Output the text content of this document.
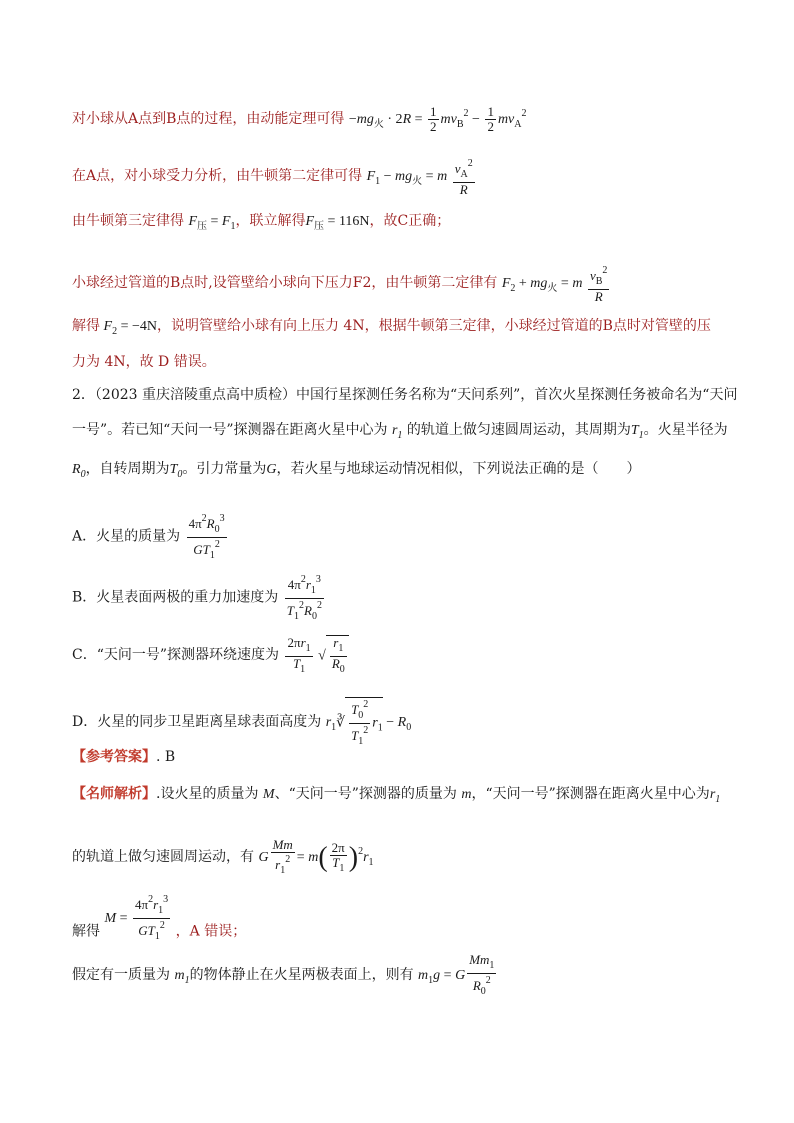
对小球从A点到B点的过程，由动能定理可得 $-mg_火 \cdot 2R = \frac{1}{2} mv_B^2 - \frac{1}{2} mv_A^2$
在A点，对小球受力分析，由牛顿第二定律可得 $F_1 - mg_火 = m \frac{v_A^2}{R}$
由牛顿第三定律得 $F_压 = F_1$，联立解得$F_压 = 116N$，故C正确；
小球经过管道的B点时,设管壁给小球向下压力F2，由牛顿第二定律有 $F_2 + mg_火 = m \frac{v_B^2}{R}$
解得 $F_2 = -4N$，说明管壁给小球有向上压力 4N，根据牛顿第三定律，小球经过管道的B点时对管壁的压
力为 4N，故 D 错误。
2．（2023 重庆涪陵重点高中质检）中国行星探测任务名称为“天问系列”，首次火星探测任务被命名为“天问
一号”。若已知“天问一号”探测器在距离火星中心为 $r_1$ 的轨道上做匀速圆周运动，其周期为$T_1$。火星半径为
$R_0$，自转周期为$T_0$。引力常量为G，若火星与地球运动情况相似，下列说法正确的是（　　）
A．火星的质量为 $\frac{4\pi^2R_0^3}{GT_1^2}$
B．火星表面两极的重力加速度为 $\frac{4\pi^2r_1^3}{T_1^2R_0^2}$
C．“天问一号”探测器环绕速度为 $\frac{2\pi r_1}{T_1}$ √ $\frac{r_1}{R_0}$
D．火星的同步卫星距离星球表面高度为 $r_1∛ \frac{T_0^2}{T_1^2} r_1 - R_0$
【参考答案】. B
【名师解析】.设火星的质量为 M、“天问一号”探测器的质量为 m，“天问一号”探测器在距离火星中心为$r_1$
的轨道上做匀速圆周运动，有 G $\frac{Mm}{r_1^2} = m( \frac{2\pi}{T_1} )^2r_1$
解得 $M = \frac{4\pi^2r_1^3}{GT_1^2}$ ，A 错误；
假定有一质量为 $m_1$的物体静止在火星两极表面上，则有 $m_1g = G \frac{Mm_1}{R_0^2}$
